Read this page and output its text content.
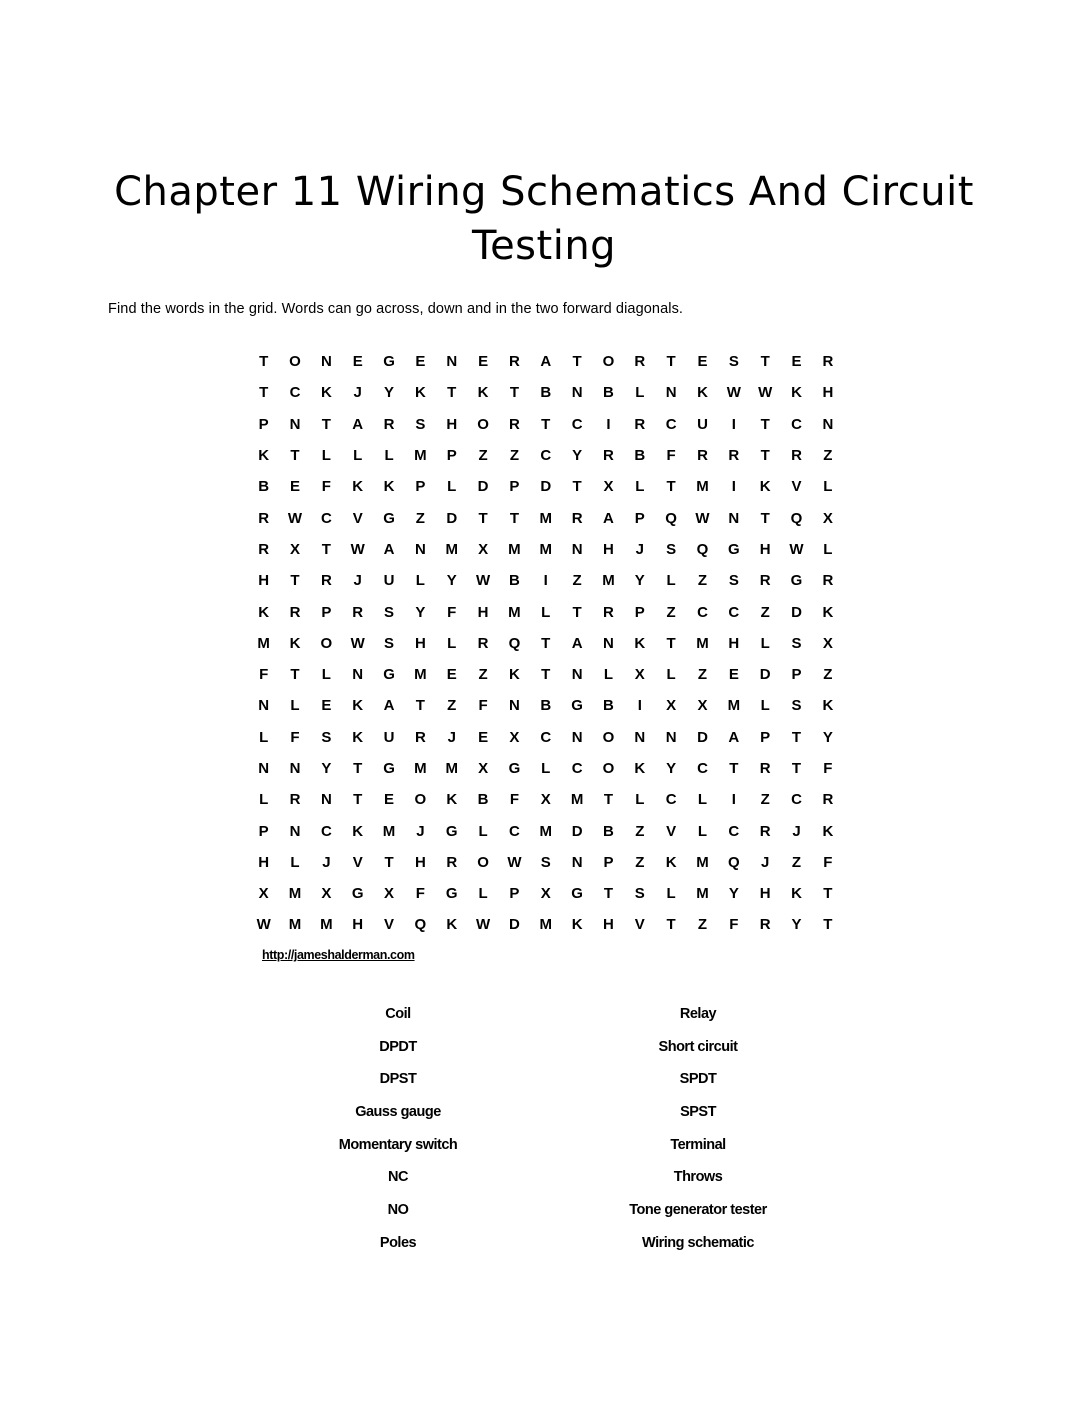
Chapter 11 Wiring Schematics And Circuit Testing

Find the words in the grid. Words can go across, down and in the two forward diagonals.

T	O	N	E	G	E	N	E	R	A	T	O	R	T	E	S	T	E	R
T	C	K	J	Y	K	T	K	T	B	N	B	L	N	K	W	W	K	H
P	N	T	A	R	S	H	O	R	T	C	I	R	C	U	I	T	C	N
K	T	L	L	L	M	P	Z	Z	C	Y	R	B	F	R	R	T	R	Z
B	E	F	K	K	P	L	D	P	D	T	X	L	T	M	I	K	V	L
R	W	C	V	G	Z	D	T	T	M	R	A	P	Q	W	N	T	Q	X
R	X	T	W	A	N	M	X	M	M	N	H	J	S	Q	G	H	W	L
H	T	R	J	U	L	Y	W	B	I	Z	M	Y	L	Z	S	R	G	R
K	R	P	R	S	Y	F	H	M	L	T	R	P	Z	C	C	Z	D	K
M	K	O	W	S	H	L	R	Q	T	A	N	K	T	M	H	L	S	X
F	T	L	N	G	M	E	Z	K	T	N	L	X	L	Z	E	D	P	Z
N	L	E	K	A	T	Z	F	N	B	G	B	I	X	X	M	L	S	K
L	F	S	K	U	R	J	E	X	C	N	O	N	N	D	A	P	T	Y
N	N	Y	T	G	M	M	X	G	L	C	O	K	Y	C	T	R	T	F
L	R	N	T	E	O	K	B	F	X	M	T	L	C	L	I	Z	C	R
P	N	C	K	M	J	G	L	C	M	D	B	Z	V	L	C	R	J	K
H	L	J	V	T	H	R	O	W	S	N	P	Z	K	M	Q	J	Z	F
X	M	X	G	X	F	G	L	P	X	G	T	S	L	M	Y	H	K	T
W	M	M	H	V	Q	K	W	D	M	K	H	V	T	Z	F	R	Y	T
http://jameshalderman.com
Coil	Relay
DPDT	Short circuit
DPST	SPDT
Gauss gauge	SPST
Momentary switch	Terminal
NC	Throws
NO	Tone generator tester
Poles	Wiring schematic
